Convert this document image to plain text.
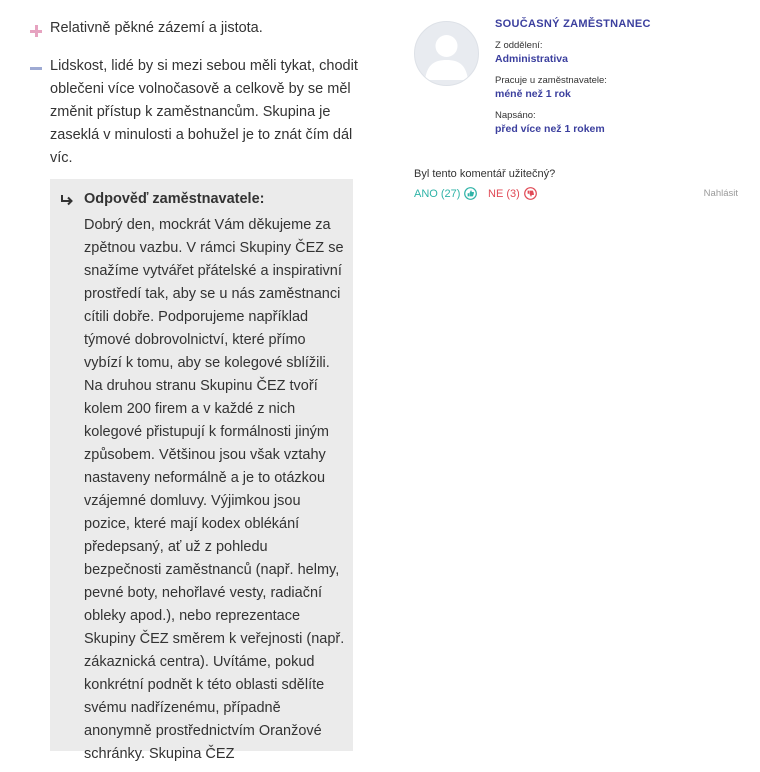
Relativně pěkné zázemí a jistota.
Lidskost, lidé by si mezi sebou měli tykat, chodit oblečeni více volnočasově a celkově by se měl změnit přístup k zaměstnancům. Skupina je zaseklá v minulosti a bohužel je to znát čím dál víc.
Odpověď zaměstnavatele:
Dobrý den, mockrát Vám děkujeme za zpětnou vazbu. V rámci Skupiny ČEZ se snažíme vytvářet přátelské a inspirativní prostředí tak, aby se u nás zaměstnanci cítili dobře. Podporujeme například týmové dobrovolnictví, které přímo vybízí k tomu, aby se kolegové sblížili. Na druhou stranu Skupinu ČEZ tvoří kolem 200 firem a v každé z nich kolegové přistupují k formálnosti jiným způsobem. Většinou jsou však vztahy nastaveny neformálně a je to otázkou vzájemné domluvy. Výjimkou jsou pozice, které mají kodex oblékání předepsaný, ať už z pohledu bezpečnosti zaměstnanců (např. helmy, pevné boty, nehořlavé vesty, radiační obleky apod.), nebo reprezentace Skupiny ČEZ směrem k veřejnosti (např. zákaznická centra). Uvítáme, pokud konkrétní podnět k této oblasti sdělíte svému nadřízenému, případně anonymně prostřednictvím Oranžové schránky. Skupina ČEZ
SOUČASNÝ ZAMĚSTNANEC
Z oddělení:
Administrativa
Pracuje u zaměstnavatele:
méně než 1 rok
Napsáno:
před více než 1 rokem
Byl tento komentář užitečný?
ANO (27)	NE (3)	Nahlásit
